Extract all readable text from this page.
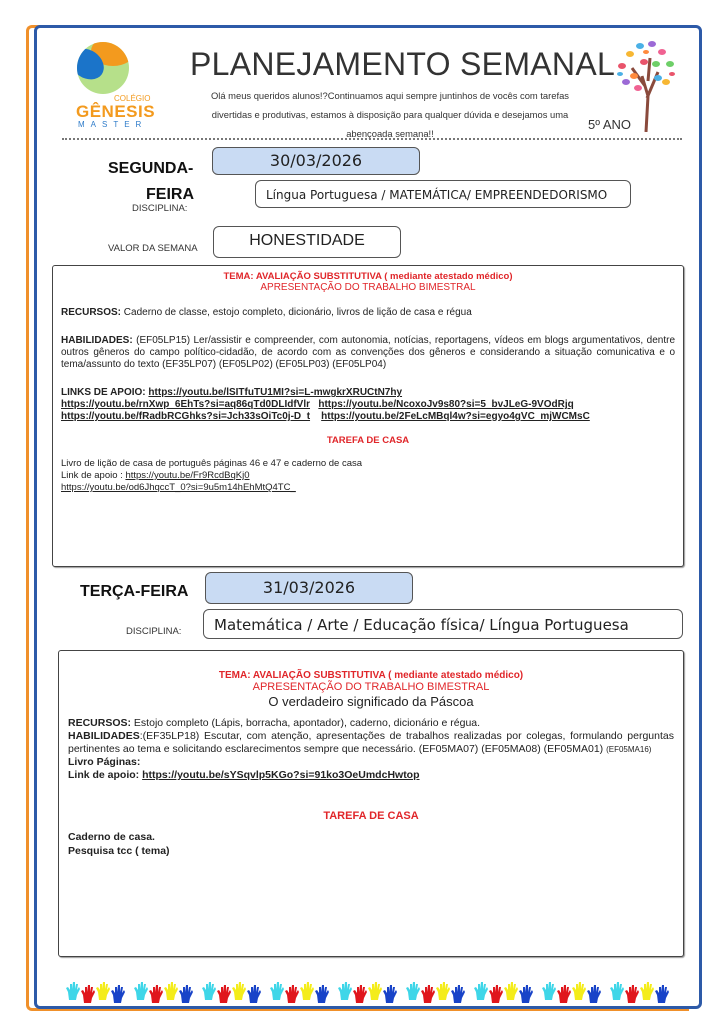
COLÉGIO
GÊNESIS
MASTER
PLANEJAMENTO SEMANAL
Olá meus queridos alunos!?Continuamos aqui sempre juntinhos de vocês com tarefas
divertidas e produtivas, estamos à disposição para qualquer dúvida e desejamos uma
abençoada semana!!
5º ANO
SEGUNDA-
FEIRA
DISCIPLINA:
30/03/2026
Língua Portuguesa / MATEMÁTICA/ EMPREENDEDORISMO
VALOR DA SEMANA	HONESTIDADE
TEMA: AVALIAÇÃO SUBSTITUTIVA ( mediante atestado médico)
APRESENTAÇÃO DO TRABALHO BIMESTRAL
RECURSOS: Caderno de classe, estojo completo, dicionário, livros de lição de casa e régua
HABILIDADES: (EF05LP15) Ler/assistir e compreender, com autonomia, notícias, reportagens, vídeos em blogs argumentativos, dentre outros gêneros do campo político-cidadão, de acordo com as convenções dos gêneros e considerando a situação comunicativa e o tema/assunto do texto (EF35LP07) (EF05LP02) (EF05LP03) (EF05LP04)
LINKS DE APOIO: https://youtu.be/lSITfuTU1MI?si=L-mwgkrXRUCtN7hy
https://youtu.be/rnXwp_6EhTs?si=aq86qTd0DLIdfVlr https://youtu.be/NcoxoJv9s80?si=5_bvJLeG-9VOdRjq
https://youtu.be/fRadbRCGhks?si=Jch33sOiTc0j-D_t https://youtu.be/2FeLcMBql4w?si=egyo4gVC_mjWCMsC
TAREFA DE CASA
Livro de lição de casa de português páginas 46 e 47 e caderno de casa
Link de apoio : https://youtu.be/Fr9RcdBqKj0
https://youtu.be/od6JhqccT_0?si=9u5m14hEhMtQ4TC_
TERÇA-FEIRA	31/03/2026
DISCIPLINA:	Matemática / Arte / Educação física/ Língua Portuguesa
TEMA: AVALIAÇÃO SUBSTITUTIVA ( mediante atestado médico)
APRESENTAÇÃO DO TRABALHO BIMESTRAL
O verdadeiro significado da Páscoa
RECURSOS: Estojo completo (Lápis, borracha, apontador), caderno, dicionário e régua.
HABILIDADES:(EF35LP18) Escutar, com atenção, apresentações de trabalhos realizadas por colegas, formulando perguntas pertinentes ao tema e solicitando esclarecimentos sempre que necessário. (EF05MA07) (EF05MA08) (EF05MA01) (EF05MA16)
Livro Páginas:
Link de apoio: https://youtu.be/sYSqvlp5KGo?si=91ko3OeUmdcHwtop
TAREFA DE CASA
Caderno de casa.
Pesquisa tcc ( tema)
